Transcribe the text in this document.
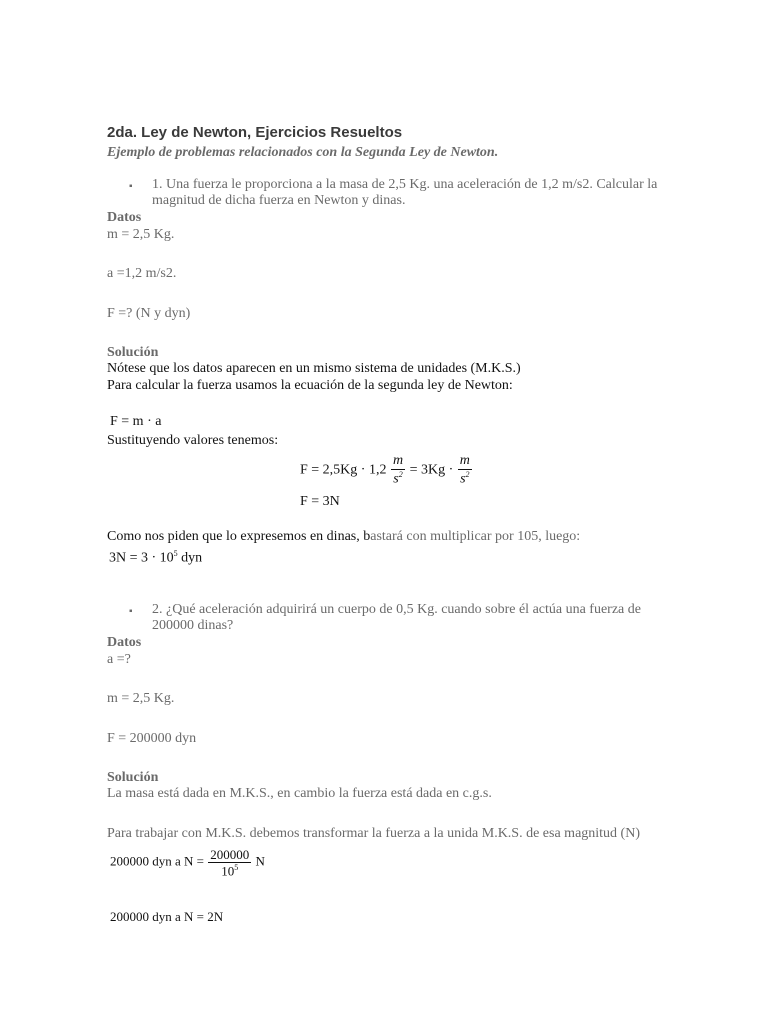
2da. Ley de Newton, Ejercicios Resueltos
Ejemplo de problemas relacionados con la Segunda Ley de Newton.
▪ 1. Una fuerza le proporciona a la masa de 2,5 Kg. una aceleración de 1,2 m/s2. Calcular la
magnitud de dicha fuerza en Newton y dinas.
Datos
m = 2,5 Kg.
a =1,2 m/s2.
F =? (N y dyn)
Solución
Nótese que los datos aparecen en un mismo sistema de unidades (M.K.S.)
Para calcular la fuerza usamos la ecuación de la segunda ley de Newton:
F = m · a
Sustituyendo valores tenemos:
$F = 2,5Kg \cdot 1,2 \frac{m}{s^2} = 3Kg \cdot \frac{m}{s^2}$
F = 3N
Como nos piden que lo expresemos en dinas, bastará con multiplicar por 105, luego:
$3N = 3 \cdot 10^5$ dyn
▪ 2. ¿Qué aceleración adquirirá un cuerpo de 0,5 Kg. cuando sobre él actúa una fuerza de
200000 dinas?
Datos
a =?
m = 2,5 Kg.
F = 200000 dyn
Solución
La masa está dada en M.K.S., en cambio la fuerza está dada en c.g.s.
Para trabajar con M.K.S. debemos transformar la fuerza a la unida M.K.S. de esa magnitud (N)
200000 dyn a $N = \frac{200000}{10^5}$ N
200000 dyn a N = 2N
